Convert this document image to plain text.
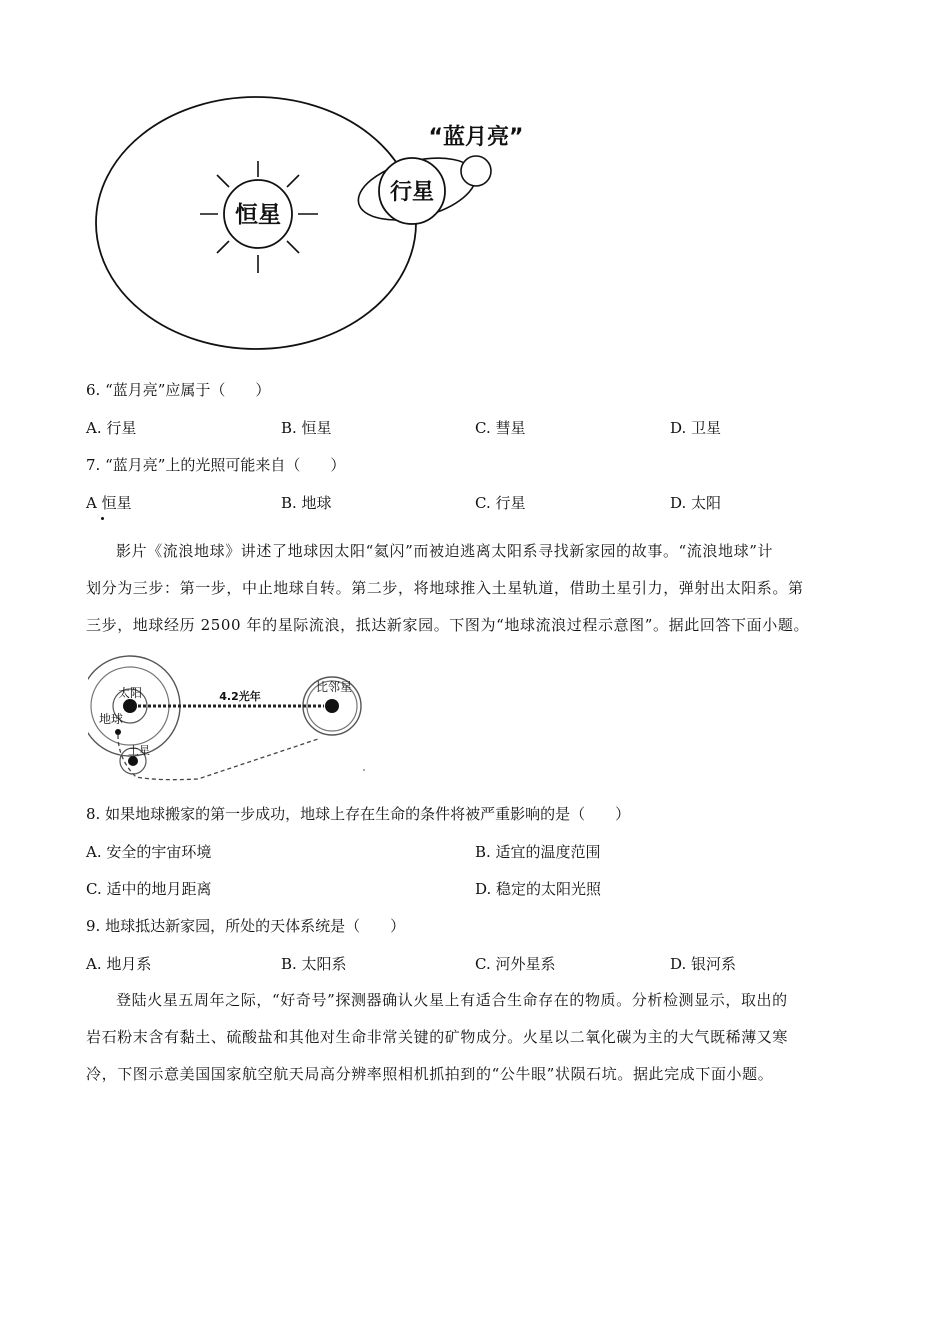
恒星
行星
“蓝月亮”
6. “蓝月亮”应属于（　　）
A. 行星	B. 恒星	C. 彗星	D. 卫星
7. “蓝月亮”上的光照可能来自（　　）
A 恒星	B. 地球	C. 行星	D. 太阳
影片《流浪地球》讲述了地球因太阳“氦闪”而被迫逃离太阳系寻找新家园的故事。“流浪地球”计
划分为三步：第一步，中止地球自转。第二步，将地球推入土星轨道，借助土星引力，弹射出太阳系。第
三步，地球经历 2500 年的星际流浪，抵达新家园。下图为“地球流浪过程示意图”。据此回答下面小题。
4.2光年
太阳
地球
土星
比邻星
8. 如果地球搬家的第一步成功，地球上存在生命的条件将被严重影响的是（　　）
A. 安全的宇宙环境	B. 适宜的温度范围
C. 适中的地月距离	D. 稳定的太阳光照
9. 地球抵达新家园，所处的天体系统是（　　）
A. 地月系	B. 太阳系	C. 河外星系	D. 银河系
登陆火星五周年之际，“好奇号”探测器确认火星上有适合生命存在的物质。分析检测显示，取出的
岩石粉末含有黏土、硫酸盐和其他对生命非常关键的矿物成分。火星以二氧化碳为主的大气既稀薄又寒
冷，下图示意美国国家航空航天局高分辨率照相机抓拍到的“公牛眼”状陨石坑。据此完成下面小题。
